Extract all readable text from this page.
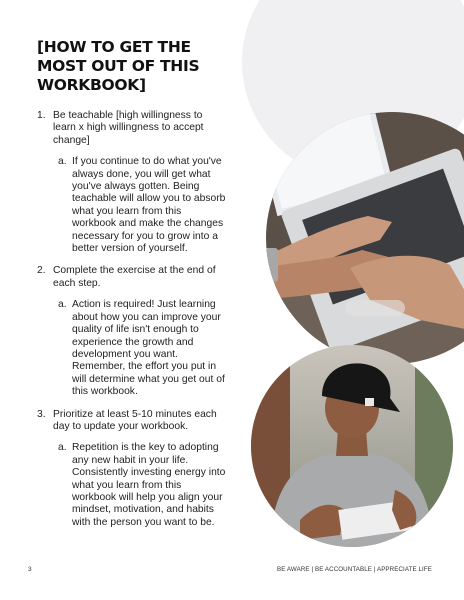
[HOW TO GET THE MOST OUT OF THIS WORKBOOK]
1. Be teachable [high willingness to learn x high willingness to accept change]
a. If you continue to do what you've always done, you will get what you've always gotten. Being teachable will allow you to absorb what you learn from this workbook and make the changes necessary for you to grow into a better version of yourself.
2. Complete the exercise at the end of each step.
a. Action is required! Just learning about how you can improve your quality of life isn't enough to experience the growth and development you want. Remember, the effort you put in will determine what you get out of this workbook.
3. Prioritize at least 5-10 minutes each day to update your workbook.
a. Repetition is the key to adopting any new habit in your life. Consistently investing energy into what you learn from this workbook will help you align your mindset, motivation, and habits with the person you want to be.
3	BE AWARE | BE ACCOUNTABLE | APPRECIATE LIFE
